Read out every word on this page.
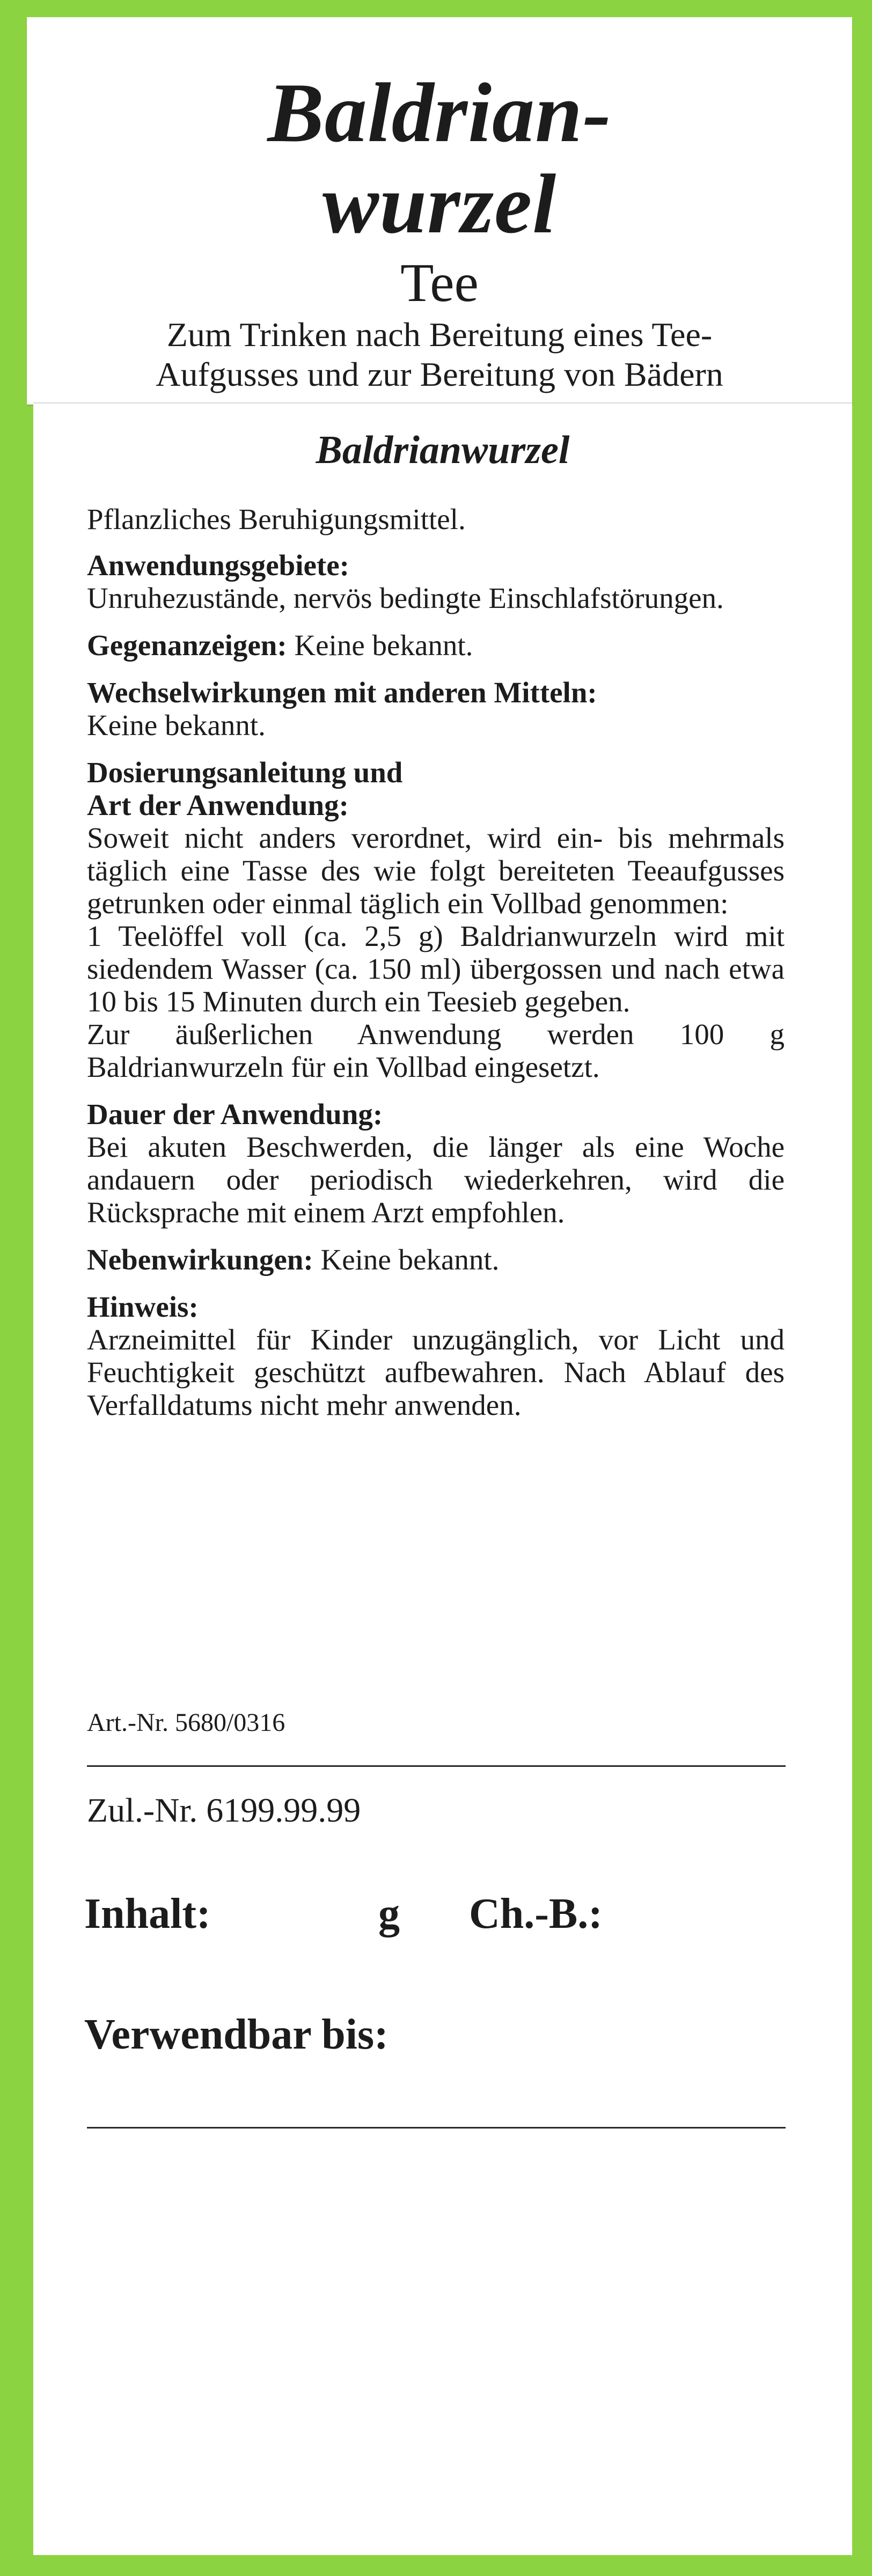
Baldrian-
wurzel
Tee
Zum Trinken nach Bereitung eines Tee-
Aufgusses und zur Bereitung von Bädern
Baldrianwurzel

Pflanzliches Beruhigungsmittel.

Anwendungsgebiete:
Unruhezustände, nervös bedingte Einschlafstörungen.
Gegenanzeigen: Keine bekannt.
Wechselwirkungen mit anderen Mitteln:
Keine bekannt.
Dosierungsanleitung und
Art der Anwendung:
Soweit nicht anders verordnet, wird ein- bis mehrmals täglich eine Tasse des wie folgt bereiteten Teeaufgusses getrunken oder einmal täglich ein Vollbad genommen:
1 Teelöffel voll (ca. 2,5 g) Baldrianwurzeln wird mit siedendem Wasser (ca. 150 ml) übergossen und nach etwa 10 bis 15 Minuten durch ein Teesieb gegeben.
Zur äußerlichen Anwendung werden 100 g Baldrianwurzeln für ein Vollbad eingesetzt.
Dauer der Anwendung:
Bei akuten Beschwerden, die länger als eine Woche andauern oder periodisch wiederkehren, wird die Rücksprache mit einem Arzt empfohlen.
Nebenwirkungen: Keine bekannt.
Hinweis:
Arzneimittel für Kinder unzugänglich, vor Licht und Feuchtigkeit geschützt aufbewahren. Nach Ablauf des Verfalldatums nicht mehr anwenden.
Art.-Nr. 5680/0316
Zul.-Nr. 6199.99.99
Inhalt:	g Ch.-B.:
Verwendbar bis:
